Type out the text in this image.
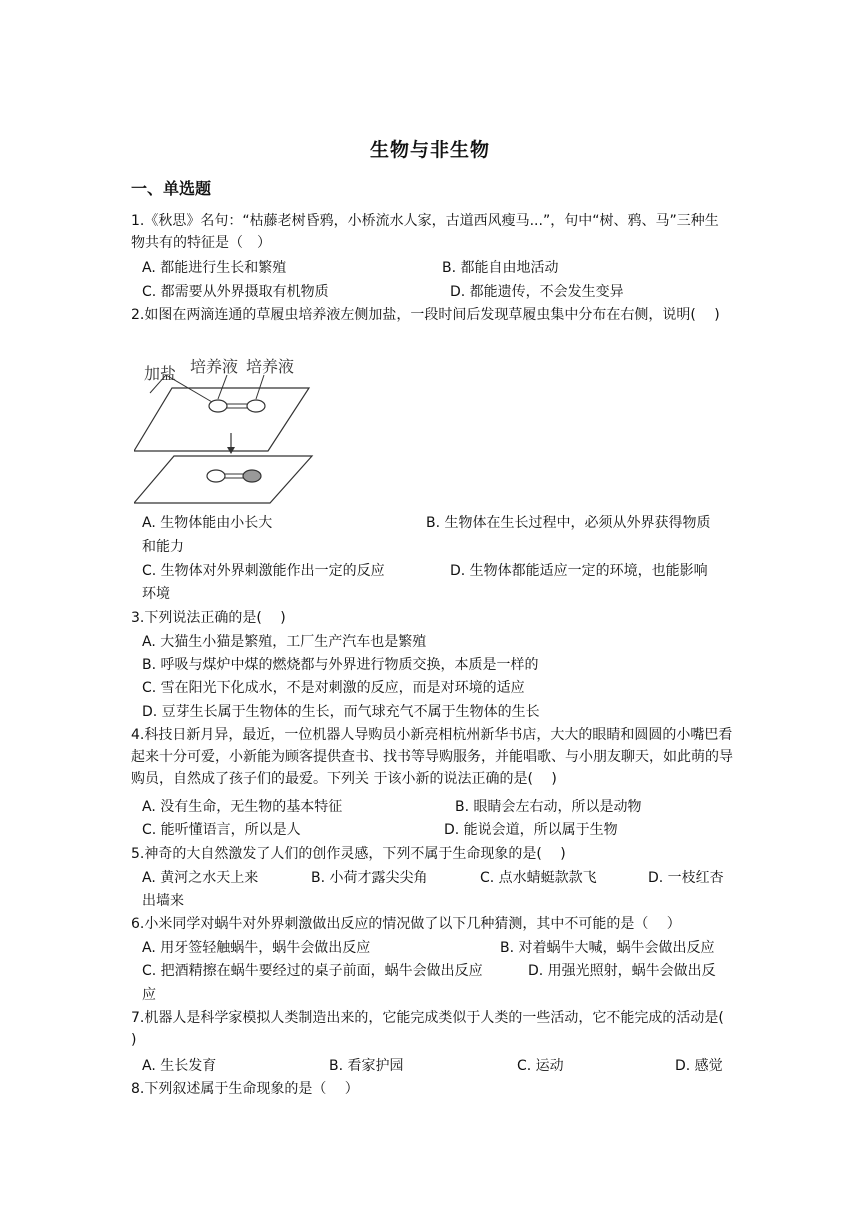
生物与非生物
一、单选题
1.《秋思》名句：“枯藤老树昏鸦，小桥流水人家，古道西风瘦马...”，句中“树、鸦、马”三种生物共有的特征是（　）
A. 都能进行生长和繁殖	B. 都能自由地活动
C. 都需要从外界摄取有机物质	D. 都能遗传，不会发生变异
2.如图在两滴连通的草履虫培养液左侧加盐，一段时间后发现草履虫集中分布在右侧，说明(　 )
加盐 培养液 培养液
A. 生物体能由小长大	B. 生物体在生长过程中，必须从外界获得物质
和能力
C. 生物体对外界刺激能作出一定的反应	D. 生物体都能适应一定的环境，也能影响
环境
3.下列说法正确的是(　 )
A. 大猫生小猫是繁殖，工厂生产汽车也是繁殖
B. 呼吸与煤炉中煤的燃烧都与外界进行物质交换，本质是一样的
C. 雪在阳光下化成水，不是对刺激的反应，而是对环境的适应
D. 豆芽生长属于生物体的生长，而气球充气不属于生物体的生长
4.科技日新月异，最近，一位机器人导购员小新亮相杭州新华书店，大大的眼睛和圆圆的小嘴巴看起来十分可爱，小新能为顾客提供查书、找书等导购服务，并能唱歌、与小朋友聊天，如此萌的导购员，自然成了孩子们的最爱。下列关 于该小新的说法正确的是(　 )
A. 没有生命，无生物的基本特征	B. 眼睛会左右动，所以是动物
C. 能听懂语言，所以是人	D. 能说会道，所以属于生物
5.神奇的大自然激发了人们的创作灵感，下列不属于生命现象的是(　 )
A. 黄河之水天上来	B. 小荷才露尖尖角	C. 点水蜻蜓款款飞	D. 一枝红杏
出墙来
6.小米同学对蜗牛对外界刺激做出反应的情况做了以下几种猜测，其中不可能的是（　 ）
A. 用牙签轻触蜗牛，蜗牛会做出反应	B. 对着蜗牛大喊，蜗牛会做出反应
C. 把酒精擦在蜗牛要经过的桌子前面，蜗牛会做出反应	D. 用强光照射，蜗牛会做出反
应
7.机器人是科学家模拟人类制造出来的，它能完成类似于人类的一些活动，它不能完成的活动是(　 )
A. 生长发育	B. 看家护园	C. 运动	D. 感觉
8.下列叙述属于生命现象的是（　 ）
